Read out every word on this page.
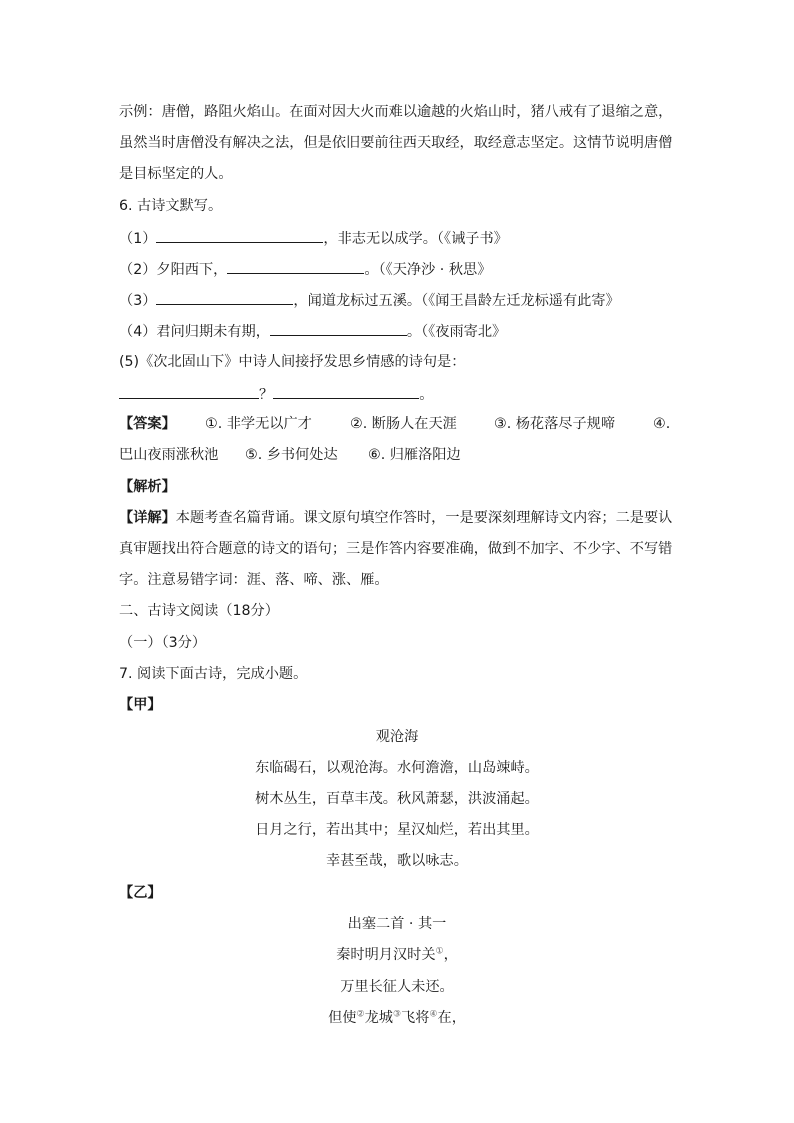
示例：唐僧，路阻火焰山。在面对因大火而难以逾越的火焰山时，猪八戒有了退缩之意，
虽然当时唐僧没有解决之法，但是依旧要前往西天取经，取经意志坚定。这情节说明唐僧
是目标坚定的人。
6. 古诗文默写。
（1）	，非志无以成学。（《诫子书》
（2）夕阳西下，	。（《天净沙 · 秋思》
（3）	，闻道龙标过五溪。（《闻王昌龄左迁龙标遥有此寄》
（4）君问归期未有期，	。（《夜雨寄北》
(5)《次北固山下》中诗人间接抒发思乡情感的诗句是：
？	。
【答案】 ①. 非学无以广才	②. 断肠人在天涯	③. 杨花落尽子规啼	④.
巴山夜雨涨秋池 ⑤. 乡书何处达 ⑥. 归雁洛阳边
【解析】
【详解】本题考查名篇背诵。课文原句填空作答时，一是要深刻理解诗文内容；二是要认
真审题找出符合题意的诗文的语句；三是作答内容要准确，做到不加字、不少字、不写错
字。注意易错字词：涯、落、啼、涨、雁。
二、古诗文阅读（18分）
（一）（3分）
7. 阅读下面古诗，完成小题。
【甲】
观沧海
东临碣石，以观沧海。水何澹澹，山岛竦峙。
树木丛生，百草丰茂。秋风萧瑟，洪波涌起。
日月之行，若出其中；星汉灿烂，若出其里。
幸甚至哉，歌以咏志。
【乙】
出塞二首 · 其一
秦时明月汉时关①，
万里长征人未还。
但使②龙城③飞将④在，
